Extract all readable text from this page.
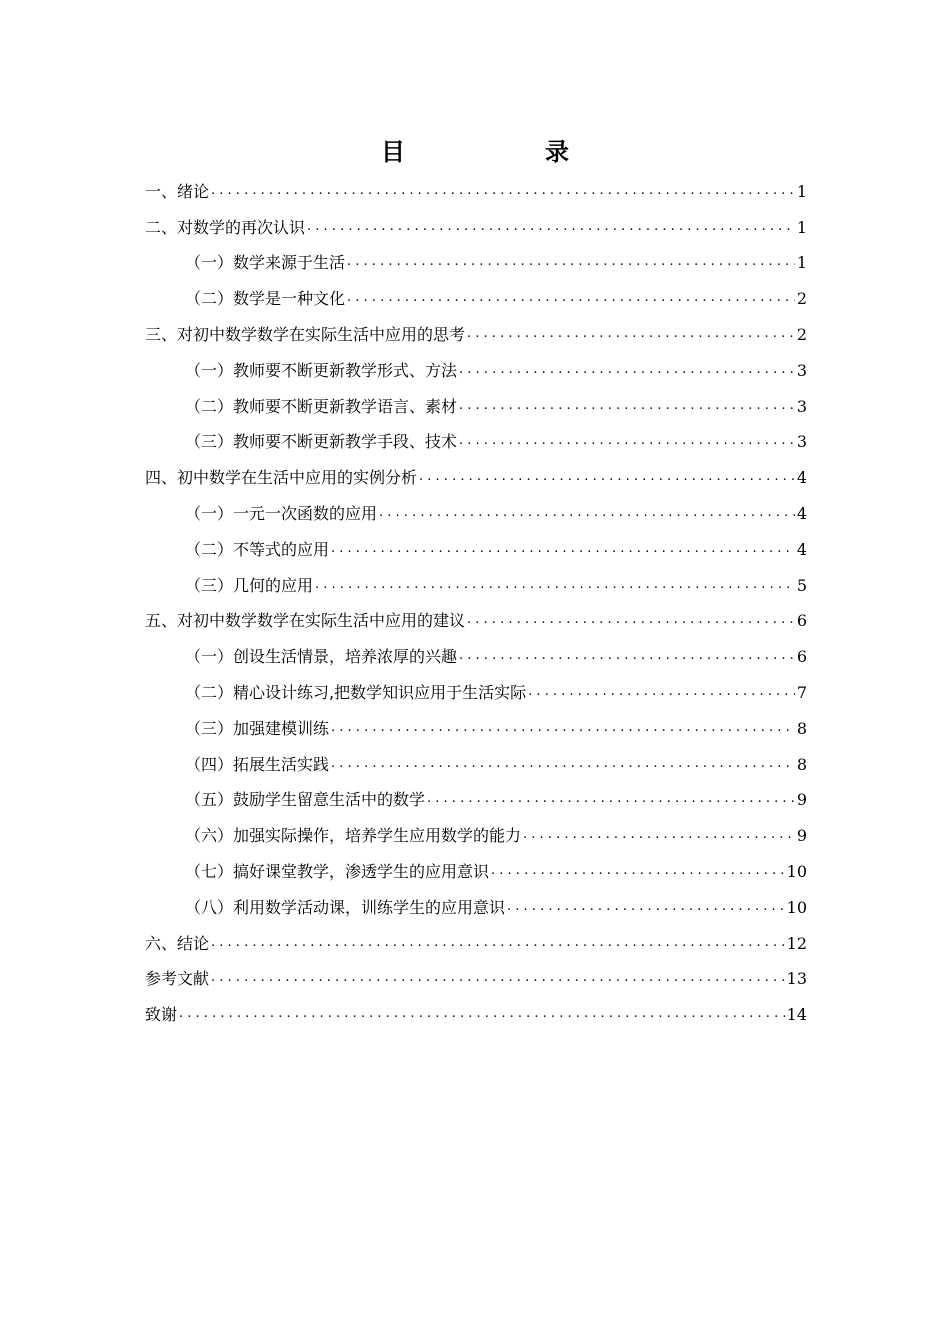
目　录
一、绪论 . . .	1
二、对数学的再次认识 . . .	1
（一）数学来源于生活 . . .	1
（二）数学是一种文化 . . .	2
三、对初中数学数学在实际生活中应用的思考 . . .	2
（一）教师要不断更新教学形式、方法 . . .	3
（二）教师要不断更新教学语言、素材 . . .	3
（三）教师要不断更新教学手段、技术 . . .	3
四、初中数学在生活中应用的实例分析 . . .	4
（一）一元一次函数的应用 . . .	4
（二）不等式的应用 . . .	4
（三）几何的应用 . . .	5
五、对初中数学数学在实际生活中应用的建议 . . .	6
（一）创设生活情景，培养浓厚的兴趣 . . .	6
（二）精心设计练习,把数学知识应用于生活实际 . . .	7
（三）加强建模训练 . . .	8
（四）拓展生活实践 . . .	8
（五）鼓励学生留意生活中的数学 . . .	9
（六）加强实际操作，培养学生应用数学的能力 . . .	9
（七）搞好课堂教学，渗透学生的应用意识 . . .	10
（八）利用数学活动课，训练学生的应用意识 . . .	10
六、结论 . . .	12
参考文献 . . .	13
致谢 . . .	14
